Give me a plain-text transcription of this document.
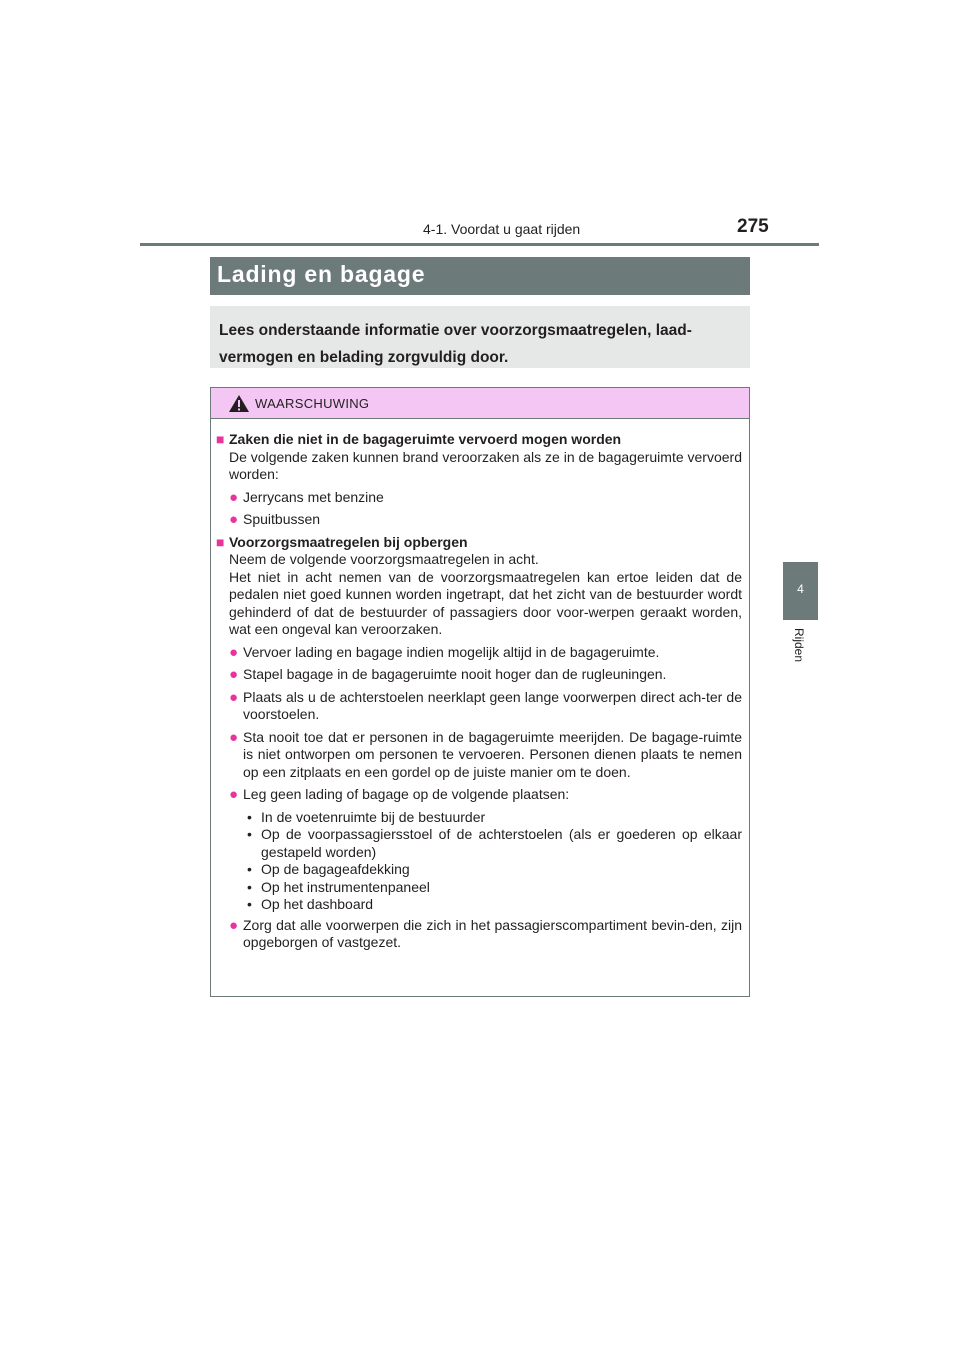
4-1. Voordat u gaat rijden	275
4
Rijden
Lading en bagage
Lees onderstaande informatie over voorzorgsmaatregelen, laad-vermogen en belading zorgvuldig door.
WAARSCHUWING
■ Zaken die niet in de bagageruimte vervoerd mogen worden
De volgende zaken kunnen brand veroorzaken als ze in de bagageruimte vervoerd worden:
● Jerrycans met benzine
● Spuitbussen
■ Voorzorgsmaatregelen bij opbergen
Neem de volgende voorzorgsmaatregelen in acht.
Het niet in acht nemen van de voorzorgsmaatregelen kan ertoe leiden dat de pedalen niet goed kunnen worden ingetrapt, dat het zicht van de bestuurder wordt gehinderd of dat de bestuurder of passagiers door voor-werpen geraakt worden, wat een ongeval kan veroorzaken.
● Vervoer lading en bagage indien mogelijk altijd in de bagageruimte.
● Stapel bagage in de bagageruimte nooit hoger dan de rugleuningen.
● Plaats als u de achterstoelen neerklapt geen lange voorwerpen direct ach-ter de voorstoelen.
● Sta nooit toe dat er personen in de bagageruimte meerijden. De bagage-ruimte is niet ontworpen om personen te vervoeren. Personen dienen plaats te nemen op een zitplaats en een gordel op de juiste manier om te doen.
● Leg geen lading of bagage op de volgende plaatsen:
• In de voetenruimte bij de bestuurder
• Op de voorpassagiersstoel of de achterstoelen (als er goederen op elkaar gestapeld worden)
• Op de bagageafdekking
• Op het instrumentenpaneel
• Op het dashboard
● Zorg dat alle voorwerpen die zich in het passagierscompartiment bevin-den, zijn opgeborgen of vastgezet.
